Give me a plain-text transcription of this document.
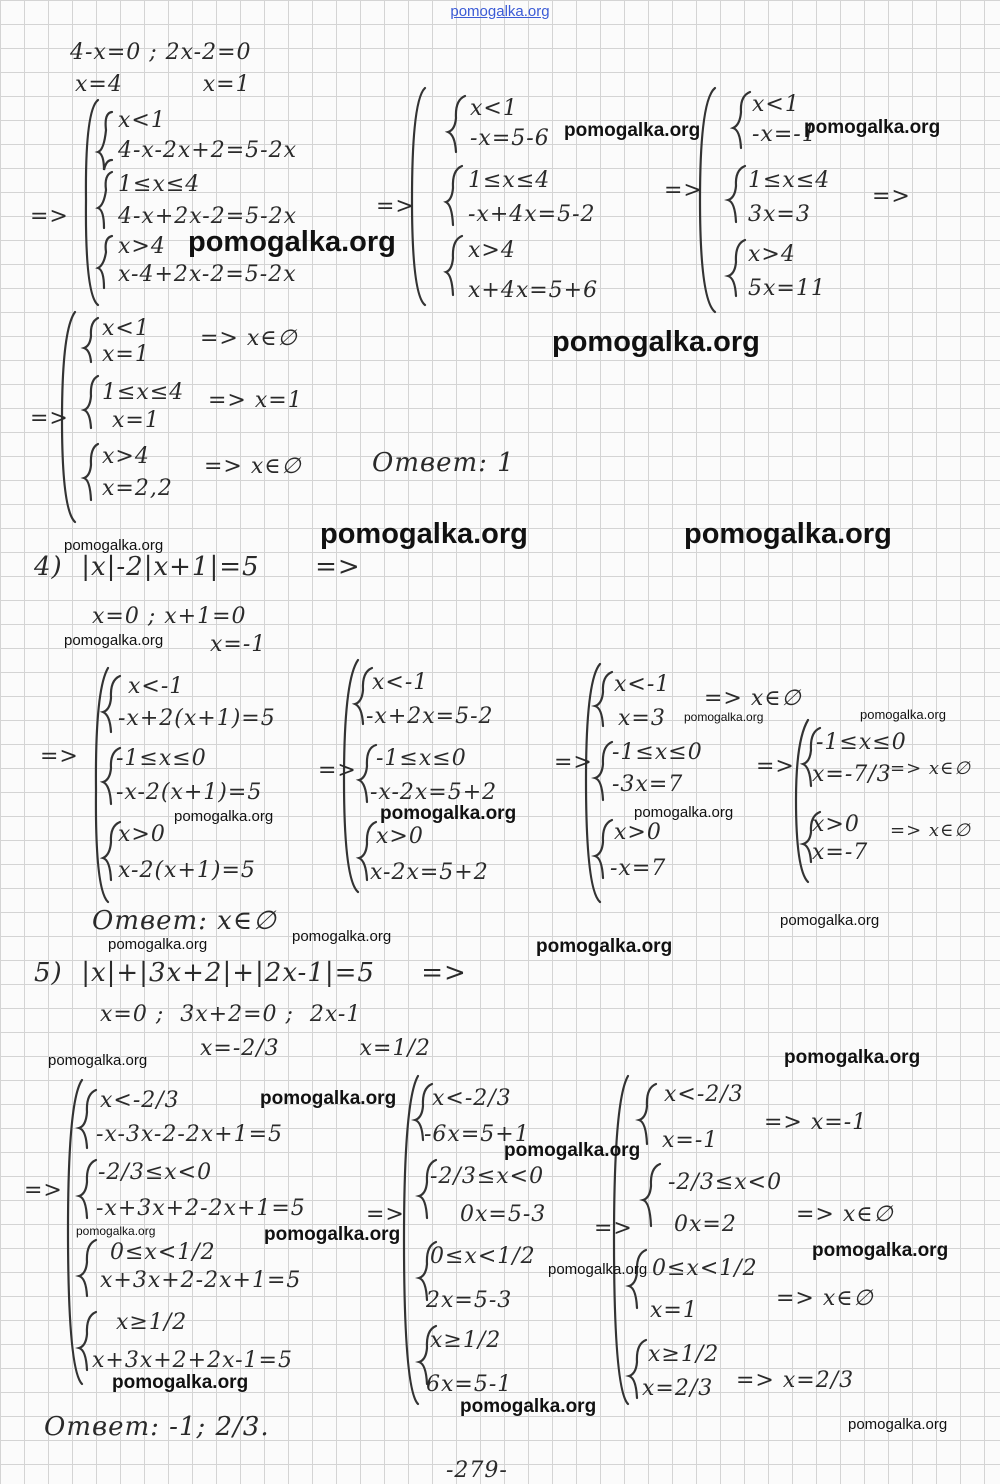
pomogalka.org
4-x=0 ; 2x-2=0
x=4          x=1
x<1
4-x-2x+2=5-2x
1≤x≤4
4-x+2x-2=5-2x
x>4
x-4+2x-2=5-2x
=>	=>
x<1
-x=5-6
1≤x≤4
-x+4x=5-2
x>4
x+4x=5+6
=>
x<1
-x=-1
1≤x≤4
3x=3
x>4
5x=11
=>
=>
x<1
x=1
=> x∈∅
1≤x≤4
x=1
=> x=1
x>4
x=2,2
=> x∈∅	Ответ: 1
4)  |x|-2|x+1|=5      =>
x=0 ; x+1=0
x=-1
=>
x<-1
-x+2(x+1)=5
-1≤x≤0
-x-2(x+1)=5
x>0
x-2(x+1)=5
=>
x<-1
-x+2x=5-2
-1≤x≤0
-x-2x=5+2
x>0
x-2x=5+2
=>
x<-1
x=3
=> x∈∅
-1≤x≤0
-3x=7
x>0
-x=7
=>
-1≤x≤0
x=-7/3
=> x∈∅
x>0
x=-7
=> x∈∅
Ответ: x∈∅
5)  |x|+|3x+2|+|2x-1|=5     =>
x=0 ;  3x+2=0 ;  2x-1
x=-2/3          x=1/2
=>
x<-2/3
-x-3x-2-2x+1=5
-2/3≤x<0
-x+3x+2-2x+1=5
0≤x<1/2
x+3x+2-2x+1=5
x≥1/2
x+3x+2+2x-1=5
=>
x<-2/3
-6x=5+1
-2/3≤x<0
0x=5-3
0≤x<1/2
2x=5-3
x≥1/2
6x=5-1
=>
x<-2/3
x=-1
=> x=-1
-2/3≤x<0
0x=2	=> x∈∅
0≤x<1/2
x=1	=> x∈∅
x≥1/2
x=2/3 => x=2/3
Ответ: -1; 2/3.
-279-
pomogalka.org	pomogalka.org
pomogalka.org
pomogalka.org
pomogalka.org	pomogalka.org
pomogalka.org
pomogalka.org
pomogalka.org	pomogalka.org
pomogalka.org	pomogalka.org	pomogalka.org
pomogalka.org
pomogalka.org
pomogalka.org	pomogalka.org
pomogalka.org	pomogalka.org
pomogalka.org
pomogalka.org
pomogalka.org	pomogalka.org
pomogalka.org
pomogalka.org
pomogalka.org
pomogalka.org
pomogalka.org
